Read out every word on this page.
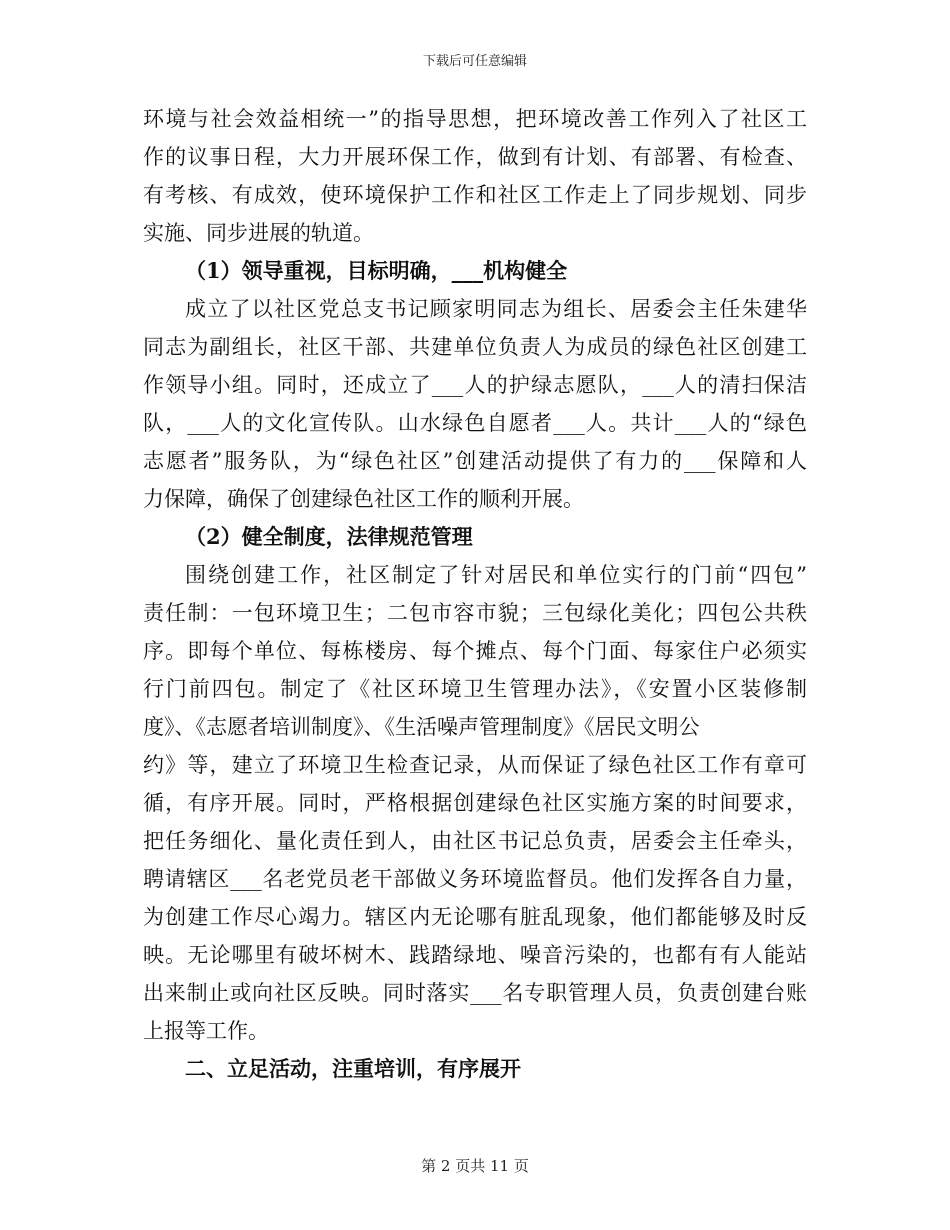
下载后可任意编辑
环境与社会效益相统一”的指导思想，把环境改善工作列入了社区工
作的议事日程，大力开展环保工作，做到有计划、有部署、有检查、
有考核、有成效，使环境保护工作和社区工作走上了同步规划、同步
实施、同步进展的轨道。
（1）领导重视，目标明确，___机构健全
成立了以社区党总支书记顾家明同志为组长、居委会主任朱建华
同志为副组长，社区干部、共建单位负责人为成员的绿色社区创建工
作领导小组。同时，还成立了___人的护绿志愿队，___人的清扫保洁
队，___人的文化宣传队。山水绿色自愿者___人。共计___人的“绿色
志愿者”服务队，为“绿色社区”创建活动提供了有力的___保障和人
力保障，确保了创建绿色社区工作的顺利开展。
（2）健全制度，法律规范管理
围绕创建工作，社区制定了针对居民和单位实行的门前“四包”
责任制：一包环境卫生；二包市容市貌；三包绿化美化；四包公共秩
序。即每个单位、每栋楼房、每个摊点、每个门面、每家住户必须实
行门前四包。制定了《社区环境卫生管理办法》，《安置小区装修制
度》、《志愿者培训制度》、《生活噪声管理制度》《居民文明公
约》等，建立了环境卫生检查记录，从而保证了绿色社区工作有章可
循，有序开展。同时，严格根据创建绿色社区实施方案的时间要求，
把任务细化、量化责任到人，由社区书记总负责，居委会主任牵头，
聘请辖区___名老党员老干部做义务环境监督员。他们发挥各自力量，
为创建工作尽心竭力。辖区内无论哪有脏乱现象，他们都能够及时反
映。无论哪里有破坏树木、践踏绿地、噪音污染的，也都有有人能站
出来制止或向社区反映。同时落实___名专职管理人员，负责创建台账
上报等工作。
二、立足活动，注重培训，有序展开
第 2 页共 11 页
